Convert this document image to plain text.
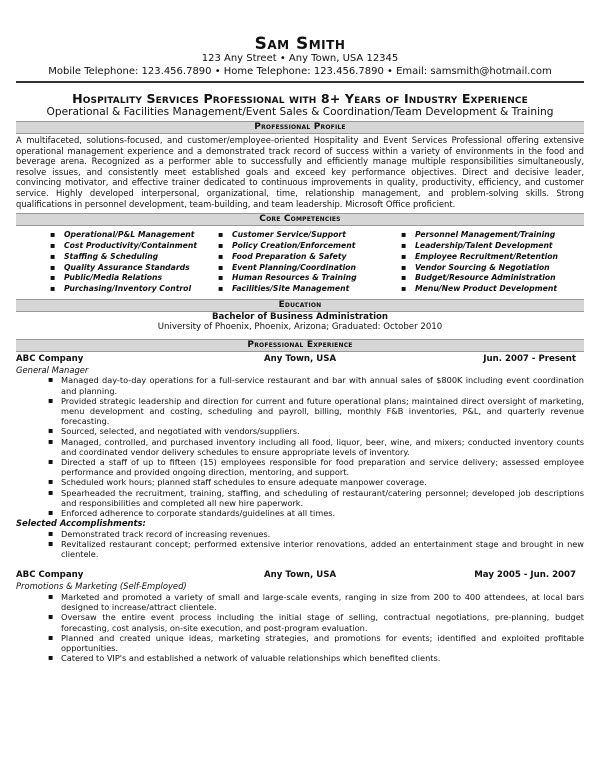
Sam Smith
123 Any Street • Any Town, USA 12345
Mobile Telephone: 123.456.7890 • Home Telephone: 123.456.7890 • Email: samsmith@hotmail.com
Hospitality Services Professional with 8+ Years of Industry Experience
Operational & Facilities Management/Event Sales & Coordination/Team Development & Training
Professional Profile
A multifaceted, solutions-focused, and customer/employee-oriented Hospitality and Event Services Professional offering extensive operational management experience and a demonstrated track record of success within a variety of environments in the food and beverage arena. Recognized as a performer able to successfully and efficiently manage multiple responsibilities simultaneously, resolve issues, and consistently meet established goals and exceed key performance objectives. Direct and decisive leader, convincing motivator, and effective trainer dedicated to continuous improvements in quality, productivity, efficiency, and customer service. Highly developed interpersonal, organizational, time, relationship management, and problem-solving skills. Strong qualifications in personnel development, team-building, and team leadership. Microsoft Office proficient.
Core Competencies
▪ Operational/P&L Management	▪ Customer Service/Support	▪ Personnel Management/Training
▪ Cost Productivity/Containment	▪ Policy Creation/Enforcement	▪ Leadership/Talent Development
▪ Staffing & Scheduling	▪ Food Preparation & Safety	▪ Employee Recruitment/Retention
▪ Quality Assurance Standards	▪ Event Planning/Coordination	▪ Vendor Sourcing & Negotiation
▪ Public/Media Relations	▪ Human Resources & Training	▪ Budget/Resource Administration
▪ Purchasing/Inventory Control	▪ Facilities/Site Management	▪ Menu/New Product Development
Education
Bachelor of Business Administration
University of Phoenix, Phoenix, Arizona; Graduated: October 2010
Professional Experience
ABC Company	Any Town, USA	Jun. 2007 - Present
General Manager
▪ Managed day-to-day operations for a full-service restaurant and bar with annual sales of $800K including event coordination and planning.
▪ Provided strategic leadership and direction for current and future operational plans; maintained direct oversight of marketing, menu development and costing, scheduling and payroll, billing, monthly F&B inventories, P&L, and quarterly revenue forecasting.
▪ Sourced, selected, and negotiated with vendors/suppliers.
▪ Managed, controlled, and purchased inventory including all food, liquor, beer, wine, and mixers; conducted inventory counts and coordinated vendor delivery schedules to ensure appropriate levels of inventory.
▪ Directed a staff of up to fifteen (15) employees responsible for food preparation and service delivery; assessed employee performance and provided ongoing direction, mentoring, and support.
▪ Scheduled work hours; planned staff schedules to ensure adequate manpower coverage.
▪ Spearheaded the recruitment, training, staffing, and scheduling of restaurant/catering personnel; developed job descriptions and responsibilities and completed all new hire paperwork.
▪ Enforced adherence to corporate standards/guidelines at all times.
Selected Accomplishments:
▪ Demonstrated track record of increasing revenues.
▪ Revitalized restaurant concept; performed extensive interior renovations, added an entertainment stage and brought in new clientele.
ABC Company	Any Town, USA	May 2005 - Jun. 2007
Promotions & Marketing (Self-Employed)
▪ Marketed and promoted a variety of small and large-scale events, ranging in size from 200 to 400 attendees, at local bars designed to increase/attract clientele.
▪ Oversaw the entire event process including the initial stage of selling, contractual negotiations, pre-planning, budget forecasting, cost analysis, on-site execution, and post-program evaluation.
▪ Planned and created unique ideas, marketing strategies, and promotions for events; identified and exploited profitable opportunities.
▪ Catered to VIP's and established a network of valuable relationships which benefited clients.
